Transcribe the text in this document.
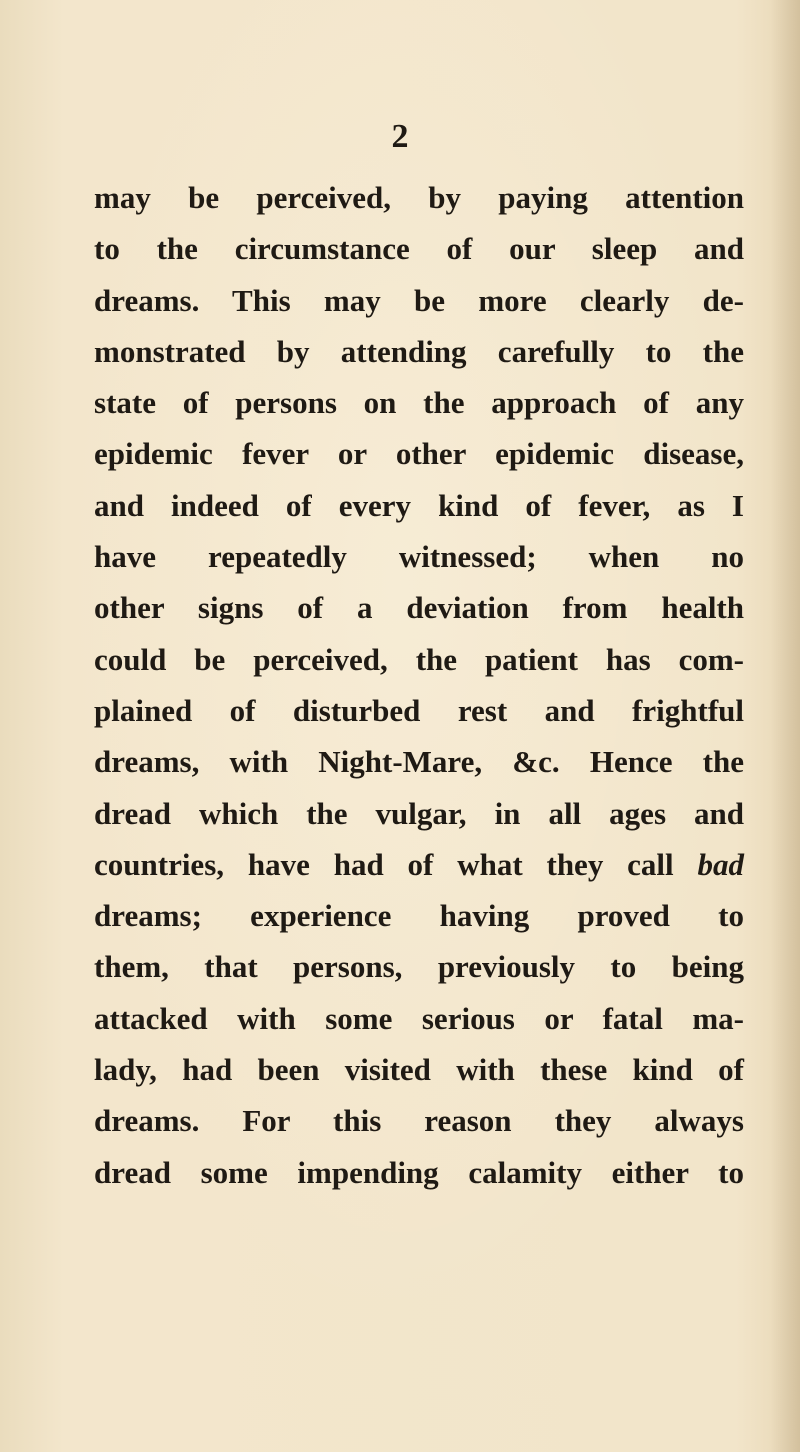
2
may be perceived, by paying attention
to the circumstance of our sleep and
dreams. This may be more clearly de-
monstrated by attending carefully to the
state of persons on the approach of any
epidemic fever or other epidemic disease,
and indeed of every kind of fever, as I
have repeatedly witnessed; when no
other signs of a deviation from health
could be perceived, the patient has com-
plained of disturbed rest and frightful
dreams, with Night-Mare, &c. Hence the
dread which the vulgar, in all ages and
countries, have had of what they call bad
dreams; experience having proved to
them, that persons, previously to being
attacked with some serious or fatal ma-
lady, had been visited with these kind of
dreams. For this reason they always
dread some impending calamity either to
